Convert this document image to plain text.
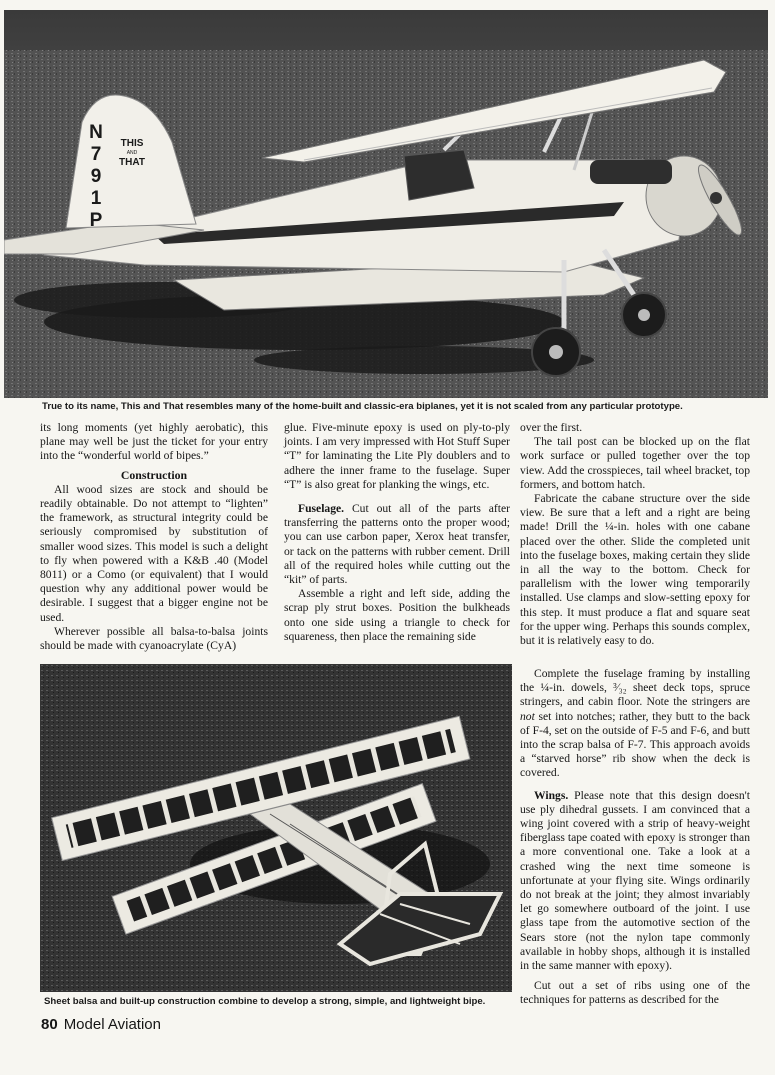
N
7
9
1
P
THIS
AND
THAT
True to its name, This and That resembles many of the home-built and classic-era biplanes, yet it is not scaled from any particular prototype.

its long moments (yet highly aerobatic), this plane may well be just the ticket for your entry into the “wonderful world of bipes.”

Construction

All wood sizes are stock and should be readily obtainable. Do not attempt to “lighten” the framework, as structural integrity could be seriously compromised by substitution of smaller wood sizes. This model is such a delight to fly when powered with a K&B .40 (Model 8011) or a Como (or equivalent) that I would question why any additional power would be desirable. I suggest that a bigger engine not be used.

Wherever possible all balsa-to-balsa joints should be made with cyanoacrylate (CyA)

glue. Five-minute epoxy is used on ply-to-ply joints. I am very impressed with Hot Stuff Super “T” for laminating the Lite Ply doublers and to adhere the inner frame to the fuselage. Super “T” is also great for planking the wings, etc.

Fuselage. Cut out all of the parts after transferring the patterns onto the proper wood; you can use carbon paper, Xerox heat transfer, or tack on the patterns with rubber cement. Drill all of the required holes while cutting out the “kit” of parts.

Assemble a right and left side, adding the scrap ply strut boxes. Position the bulkheads onto one side using a triangle to check for squareness, then place the remaining side

over the first.

The tail post can be blocked up on the flat work surface or pulled together over the top view. Add the crosspieces, tail wheel bracket, top formers, and bottom hatch.

Fabricate the cabane structure over the side view. Be sure that a left and a right are being made! Drill the ¼-in. holes with one cabane placed over the other. Slide the completed unit into the fuselage boxes, making certain they slide in all the way to the bottom. Check for parallelism with the lower wing temporarily installed. Use clamps and slow-setting epoxy for this step. It must produce a flat and square seat for the upper wing. Perhaps this sounds complex, but it is relatively easy to do.

Sheet balsa and built-up construction combine to develop a strong, simple, and lightweight bipe.

Complete the fuselage framing by installing the ¼-in. dowels, ³⁄₃₂ sheet deck tops, spruce stringers, and cabin floor. Note the stringers are not set into notches; rather, they butt to the back of F-4, set on the outside of F-5 and F-6, and butt into the scrap balsa of F-7. This approach avoids a “starved horse” rib show when the deck is covered.

Wings. Please note that this design doesn't use ply dihedral gussets. I am convinced that a wing joint covered with a strip of heavy-weight fiberglass tape coated with epoxy is stronger than a more conventional one. Take a look at a crashed wing the next time someone is unfortunate at your flying site. Wings ordinarily do not break at the joint; they almost invariably let go somewhere outboard of the joint. I use glass tape from the automotive section of the Sears store (not the nylon tape commonly available in hobby shops, although it is installed in the same manner with epoxy).

Cut out a set of ribs using one of the techniques for patterns as described for the

80 Model Aviation
